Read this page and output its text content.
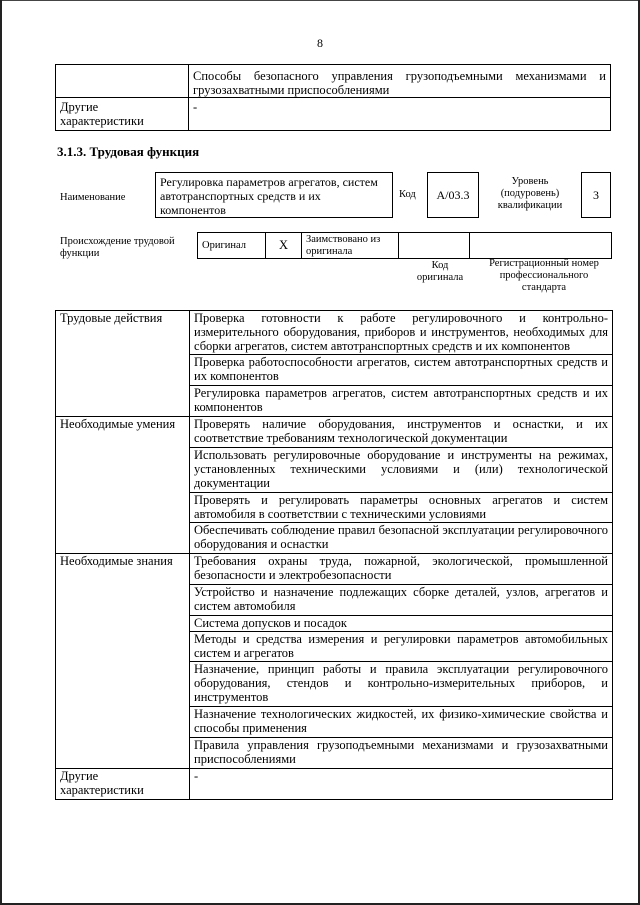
8
	Способы безопасного управления грузоподъемными механизмами и грузозахватными приспособлениями
Другие характеристики	-
3.1.3. Трудовая функция
Наименование
Регулировка параметров агрегатов, систем автотранспортных средств и их компонентов
Код	A/03.3
Уровень (подуровень) квалификации
3
Происхождение трудовой функции
Оригинал	X	Заимствовано из оригинала		
Код оригинала
Регистрационный номер профессионального стандарта
Трудовые действия	Проверка готовности к работе регулировочного и контрольно-измерительного оборудования, приборов и инструментов, необходимых для сборки агрегатов, систем автотранспортных средств и их компонентов
	Проверка работоспособности агрегатов, систем автотранспортных средств и их компонентов
	Регулировка параметров агрегатов, систем автотранспортных средств и их компонентов
Необходимые умения	Проверять наличие оборудования, инструментов и оснастки, и их соответствие требованиям технологической документации
	Использовать регулировочные оборудование и инструменты на режимах, установленных техническими условиями и (или) технологической документации
	Проверять и регулировать параметры основных агрегатов и систем автомобиля в соответствии с техническими условиями
	Обеспечивать соблюдение правил безопасной эксплуатации регулировочного оборудования и оснастки
Необходимые знания	Требования охраны труда, пожарной, экологической, промышленной безопасности и электробезопасности
	Устройство и назначение подлежащих сборке деталей, узлов, агрегатов и систем автомобиля
	Система допусков и посадок
	Методы и средства измерения и регулировки параметров автомобильных систем и агрегатов
	Назначение, принцип работы и правила эксплуатации регулировочного оборудования, стендов и контрольно-измерительных приборов, и инструментов
	Назначение технологических жидкостей, их физико-химические свойства и способы применения
	Правила управления грузоподъемными механизмами и грузозахватными приспособлениями
Другие характеристики	-
